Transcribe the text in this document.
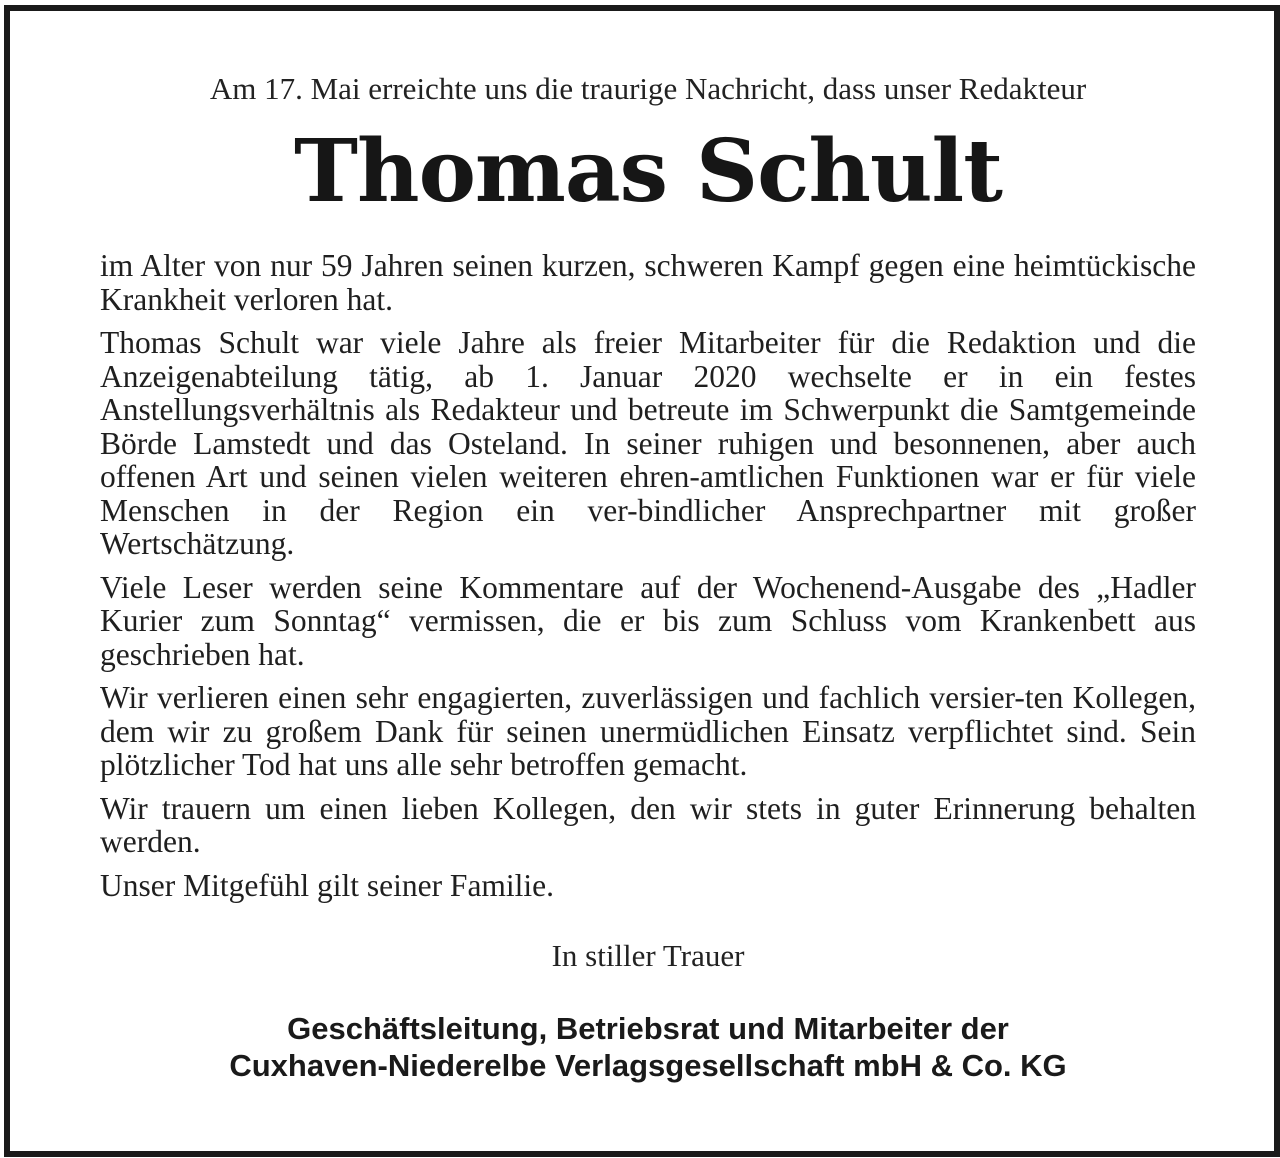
Am 17. Mai erreichte uns die traurige Nachricht, dass unser Redakteur

Thomas Schult

im Alter von nur 59 Jahren seinen kurzen, schweren Kampf gegen eine heimtückische Krankheit verloren hat.

Thomas Schult war viele Jahre als freier Mitarbeiter für die Redaktion und die Anzeigenabteilung tätig, ab 1. Januar 2020 wechselte er in ein festes Anstellungsverhältnis als Redakteur und betreute im Schwerpunkt die Samtgemeinde Börde Lamstedt und das Osteland. In seiner ruhigen und besonnenen, aber auch offenen Art und seinen vielen weiteren ehren-amtlichen Funktionen war er für viele Menschen in der Region ein ver-bindlicher Ansprechpartner mit großer Wertschätzung.

Viele Leser werden seine Kommentare auf der Wochenend-Ausgabe des „Hadler Kurier zum Sonntag“ vermissen, die er bis zum Schluss vom Krankenbett aus geschrieben hat.

Wir verlieren einen sehr engagierten, zuverlässigen und fachlich versier-ten Kollegen, dem wir zu großem Dank für seinen unermüdlichen Einsatz verpflichtet sind. Sein plötzlicher Tod hat uns alle sehr betroffen gemacht.

Wir trauern um einen lieben Kollegen, den wir stets in guter Erinnerung behalten werden.

Unser Mitgefühl gilt seiner Familie.

In stiller Trauer

Geschäftsleitung, Betriebsrat und Mitarbeiter der
Cuxhaven-Niederelbe Verlagsgesellschaft mbH & Co. KG
